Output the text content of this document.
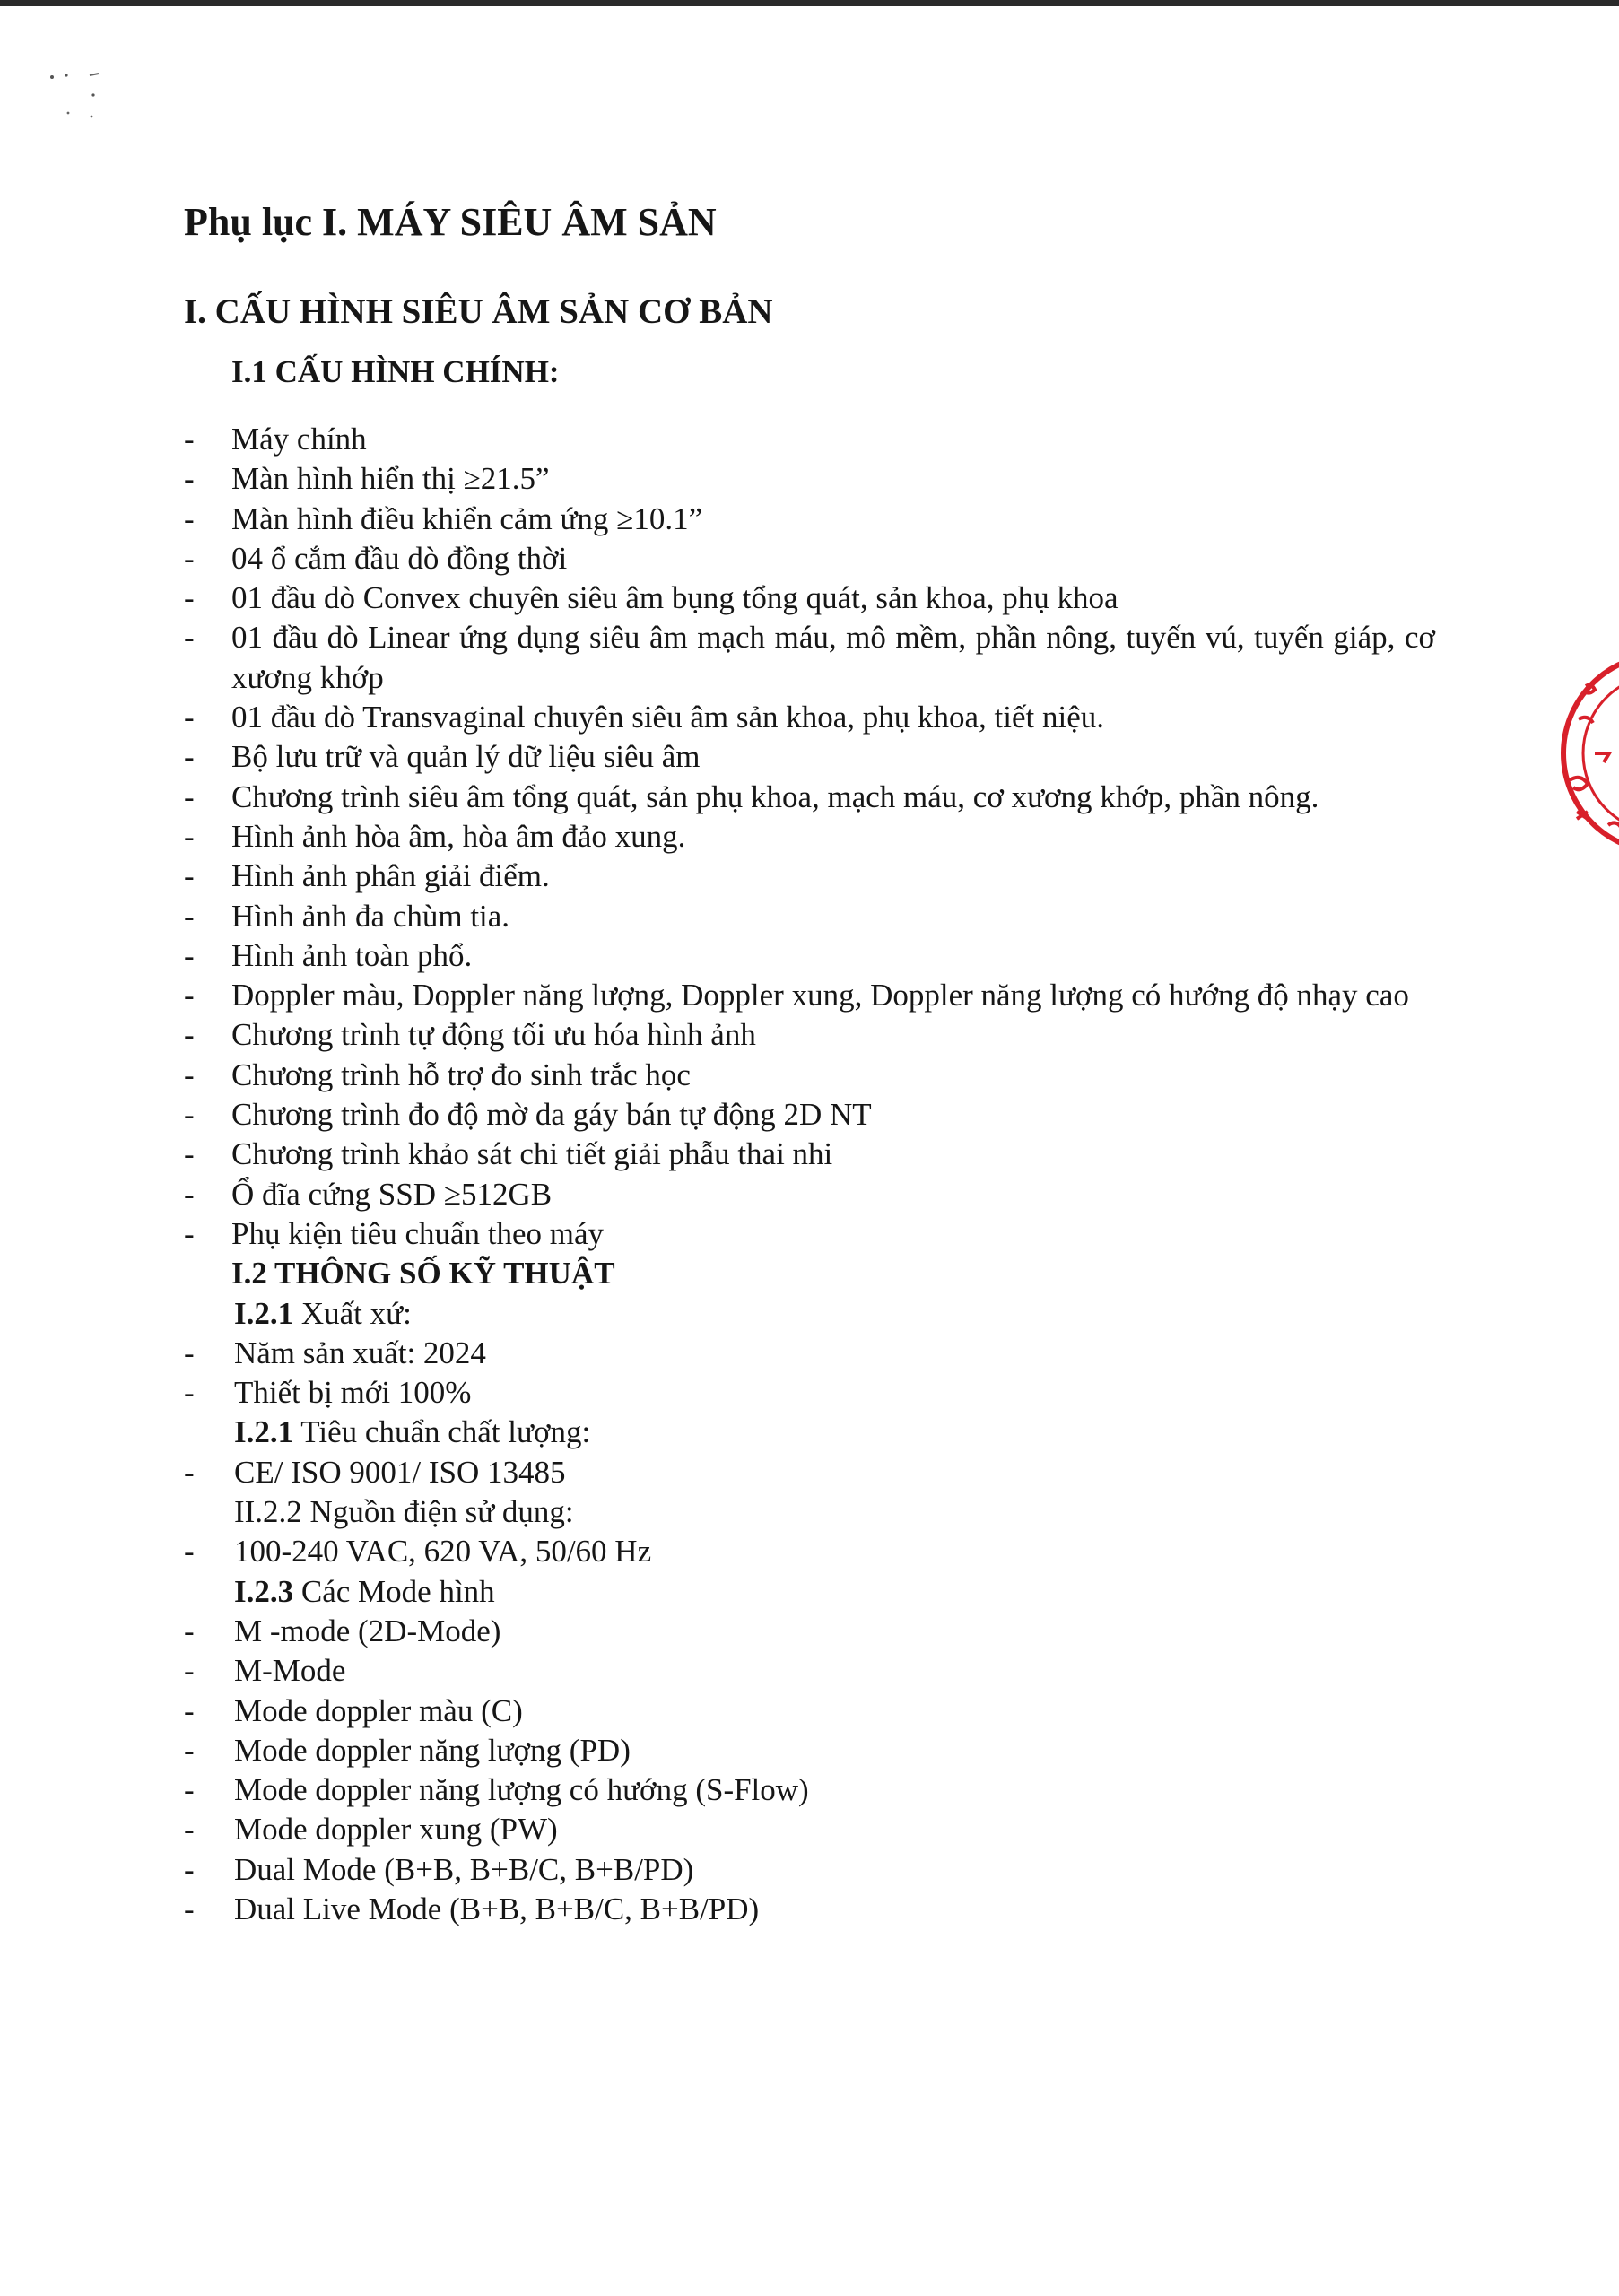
Phụ lục I. MÁY SIÊU ÂM SẢN
I. CẤU HÌNH SIÊU ÂM SẢN CƠ BẢN
I.1 CẤU HÌNH CHÍNH:
-	Máy chính
-	Màn hình hiển thị ≥21.5”
-	Màn hình điều khiển cảm ứng ≥10.1”
-	04 ổ cắm đầu dò đồng thời
-	01 đầu dò Convex chuyên siêu âm bụng tổng quát, sản khoa, phụ khoa
-	01 đầu dò Linear ứng dụng siêu âm mạch máu, mô mềm, phần nông, tuyến vú, tuyến giáp, cơ xương khớp
-	01 đầu dò Transvaginal chuyên siêu âm sản khoa, phụ khoa, tiết niệu.
-	Bộ lưu trữ và quản lý dữ liệu siêu âm
-	Chương trình siêu âm tổng quát, sản phụ khoa, mạch máu, cơ xương khớp, phần nông.
-	Hình ảnh hòa âm, hòa âm đảo xung.
-	Hình ảnh phân giải điểm.
-	Hình ảnh đa chùm tia.
-	Hình ảnh toàn phổ.
-	Doppler màu, Doppler năng lượng, Doppler xung, Doppler năng lượng có hướng độ nhạy cao
-	Chương trình tự động tối ưu hóa hình ảnh
-	Chương trình hỗ trợ đo sinh trắc học
-	Chương trình đo độ mờ da gáy bán tự động 2D NT
-	Chương trình khảo sát chi tiết giải phẫu thai nhi
-	Ổ đĩa cứng SSD ≥512GB
-	Phụ kiện tiêu chuẩn theo máy
I.2 THÔNG SỐ KỸ THUẬT
I.2.1 Xuất xứ:
-	Năm sản xuất: 2024
-	Thiết bị mới 100%
I.2.1 Tiêu chuẩn chất lượng:
-	CE/ ISO 9001/ ISO 13485
II.2.2 Nguồn điện sử dụng:
-	100-240 VAC, 620 VA, 50/60 Hz
I.2.3 Các Mode hình
-	M -mode (2D-Mode)
-	M-Mode
-	Mode doppler màu (C)
-	Mode doppler năng lượng (PD)
-	Mode doppler năng lượng có hướng (S-Flow)
-	Mode doppler xung (PW)
-	Dual Mode (B+B, B+B/C, B+B/PD)
-	Dual Live Mode (B+B, B+B/C, B+B/PD)
